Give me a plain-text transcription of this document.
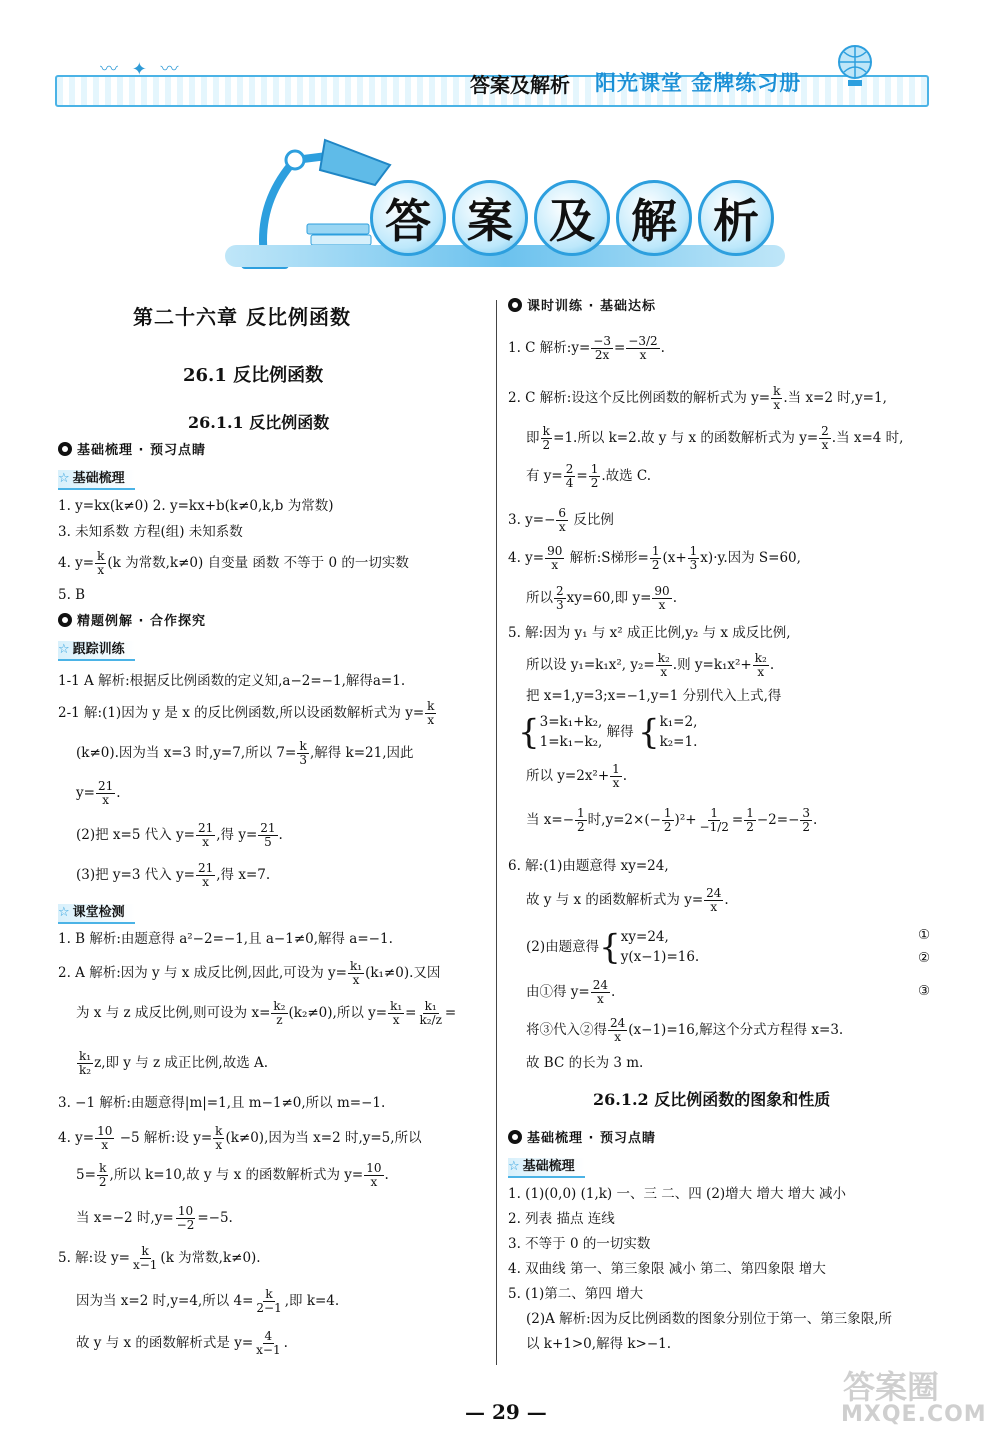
〰 ✦ 〰
答案及解析 阳光课堂 金牌练习册
答 案 及 解 析
第二十六章 反比例函数
26.1 反比例函数
26.1.1 反比例函数
基础梳理 · 预习点睛
☆ 基础梳理
1. y=kx(k≠0) 2. y=kx+b(k≠0,k,b 为常数)
3. 未知系数 方程(组) 未知系数
4. $y= \frac{k}{x} (k$ 为常数,k≠0) 自变量 函数 不等于 0 的一切实数
5. B
精题例解 · 合作探究
☆ 跟踪训练
1-1 A 解析:根据反比例函数的定义知,a−2=−1,解得a=1.
2-1 解:(1)因为 y 是 x 的反比例函数,所以设函数解析式为 $y= \frac{k}{x}$
(k≠0).因为当 x=3 时,y=7,所以 $7= \frac{k}{3}$ ,解得 k=21,因此
$y= \frac{21}{x}$ .
(2)把 x=5 代入 $y= \frac{21}{x}$ ,得 $y= \frac{21}{5}$ .
(3)把 y=3 代入 $y= \frac{21}{x}$ ,得 x=7.
☆ 课堂检测
1. B 解析:由题意得 a²−2=−1,且 a−1≠0,解得 a=−1.
2. A 解析:因为 y 与 x 成反比例,因此,可设为 $y= \frac{\text{k₁}}{x} (k_1\ne 0)$.又因
为 x 与 z 成反比例,则可设为 $x= \frac{\text{k₂}}{z} (k_2\ne 0)$,所以 $y= \frac{\text{k₁}}{x} = \frac{\text{k₁}}{\text{k₂/z}}$ =
$\frac{\text{k₁}}{\text{k₂}} z$,即 y 与 z 成正比例,故选 A.
3. −1 解析:由题意得|m|=1,且 m−1≠0,所以 m=−1.
4. $y= \frac{10}{x} -5$ 解析:设 $y= \frac{k}{x} (k\ne 0)$,因为当 x=2 时,y=5,所以
$5= \frac{k}{2}$ ,所以 k=10,故 y 与 x 的函数解析式为 $y= \frac{10}{x}$ .
当 x=−2 时$,y= \frac{10}{-2} =-5$.
5. 解:设 $y= \frac{k}{x-1} (k$ 为常数,k≠0).
因为当 x=2 时,y=4,所以 $4= \frac{k}{2-1}$ ,即 k=4.
故 y 与 x 的函数解析式是 $y= \frac{4}{x-1}$ .
课时训练 · 基础达标
1. C 解析:y= $\frac{-3}{2x} = \frac{-3/2}{x}$ .
2. C 解析:设这个反比例函数的解析式为 $y= \frac{k}{x}$ .当 x=2 时,y=1,
即 $\frac{k}{2} =1$.所以 k=2.故 y 与 x 的函数解析式为 $y= \frac{2}{x}$ .当 x=4 时,
有 $y= \frac{2}{4} = \frac{1}{2}$ .故选 C.
3. $y=- \frac{6}{x}$ 反比例
4. $y= \frac{90}{x}$ 解析:S梯形= $\frac{1}{2} (x+ \frac{1}{3} x)\cdot y$.因为 S=60,
所以 $\frac{2}{3} xy=60$,即 $y= \frac{90}{x}$ .
5. 解:因为 y₁ 与 x² 成正比例,y₂ 与 x 成反比例,
所以设 y₁=k₁x², $y_2= \frac{\text{k₂}}{x}$ .则 $y=k_1x^2+ \frac{\text{k₂}}{x}$ .
把 x=1,y=3;x=−1,y=1 分别代入上式,得
{ 3=k₁+k₂,
1=k₁−k₂,
解得 { k₁=2,
k₂=1.
所以 $y=2x^2+ \frac{1}{x}$ .
当 $x=- \frac{1}{2}$ 时$,y=2\times(- \frac{1}{2} )^2+ \frac{1}{-1/2} = \frac{1}{2} -2=- \frac{3}{2}$ .
6. 解:(1)由题意得 xy=24,
故 y 与 x 的函数解析式为 $y= \frac{24}{x}$ .
(2)由题意得{ xy=24,
y(x−1)=16.
①
②
由①得 $y= \frac{24}{x}$ .	③
将③代入②得 $\frac{24}{x} (x-1)=16$,解这个分式方程得 x=3.
故 BC 的长为 3 m.
26.1.2 反比例函数的图象和性质
基础梳理 · 预习点睛
☆ 基础梳理
1. (1)(0,0) (1,k) 一、三 二、四 (2)增大 增大 增大 减小
2. 列表 描点 连线
3. 不等于 0 的一切实数
4. 双曲线 第一、第三象限 减小 第二、第四象限 增大
5. (1)第二、第四 增大
(2)A 解析:因为反比例函数的图象分别位于第一、第三象限,所
以 k+1>0,解得 k>−1.
— 29 —
答案圈
MXQE.COM
